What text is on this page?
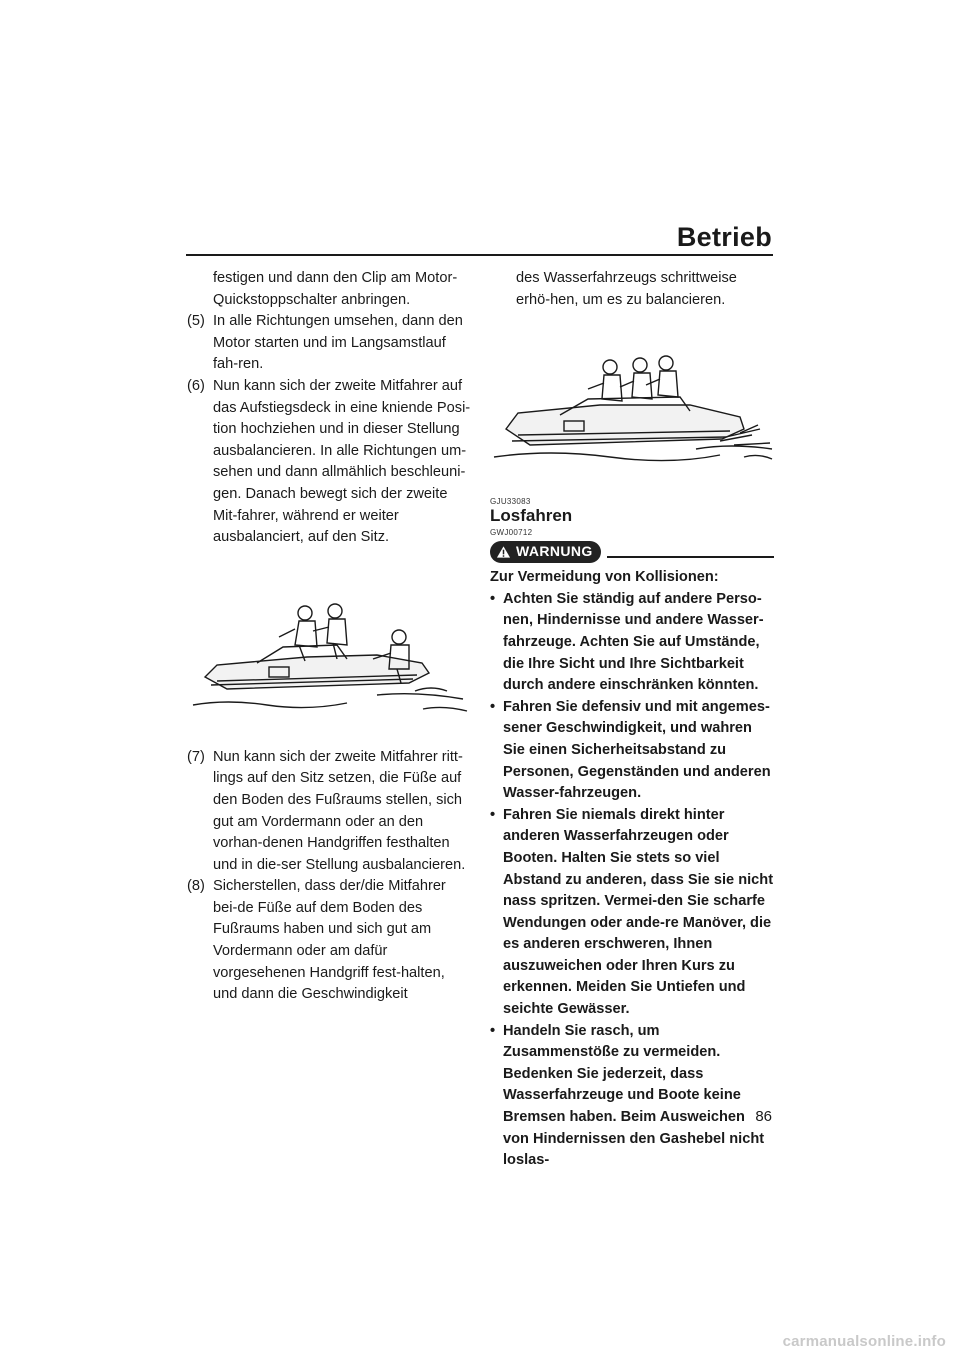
Betrieb

festigen und dann den Clip am Motor-Quickstoppschalter anbringen.

(5) In alle Richtungen umsehen, dann den Motor starten und im Langsamstlauf fah-ren.
(6) Nun kann sich der zweite Mitfahrer auf das Aufstiegsdeck in eine kniende Posi-tion hochziehen und in dieser Stellung ausbalancieren. In alle Richtungen um-sehen und dann allmählich beschleuni-gen. Danach bewegt sich der zweite Mit-fahrer, während er weiter ausbalanciert, auf den Sitz.
(7) Nun kann sich der zweite Mitfahrer ritt-lings auf den Sitz setzen, die Füße auf den Boden des Fußraums stellen, sich gut am Vordermann oder an den vorhan-denen Handgriffen festhalten und in die-ser Stellung ausbalancieren.
(8) Sicherstellen, dass der/die Mitfahrer bei-de Füße auf dem Boden des Fußraums haben und sich gut am Vordermann oder am dafür vorgesehenen Handgriff fest-halten, und dann die Geschwindigkeit

des Wasserfahrzeugs schrittweise erhö-hen, um es zu balancieren.

GJU33083
Losfahren
GWJ00712
WARNUNG

Zur Vermeidung von Kollisionen:

• Achten Sie ständig auf andere Perso-nen, Hindernisse und andere Wasser-fahrzeuge. Achten Sie auf Umstände, die Ihre Sicht und Ihre Sichtbarkeit durch andere einschränken könnten.
• Fahren Sie defensiv und mit angemes-sener Geschwindigkeit, und wahren Sie einen Sicherheitsabstand zu Personen, Gegenständen und anderen Wasser-fahrzeugen.
• Fahren Sie niemals direkt hinter anderen Wasserfahrzeugen oder Booten. Halten Sie stets so viel Abstand zu anderen, dass Sie sie nicht nass spritzen. Vermei-den Sie scharfe Wendungen oder ande-re Manöver, die es anderen erschweren, Ihnen auszuweichen oder Ihren Kurs zu erkennen. Meiden Sie Untiefen und seichte Gewässer.
• Handeln Sie rasch, um Zusammenstöße zu vermeiden. Bedenken Sie jederzeit, dass Wasserfahrzeuge und Boote keine Bremsen haben. Beim Ausweichen von Hindernissen den Gashebel nicht loslas-
86
carmanualsonline.info
